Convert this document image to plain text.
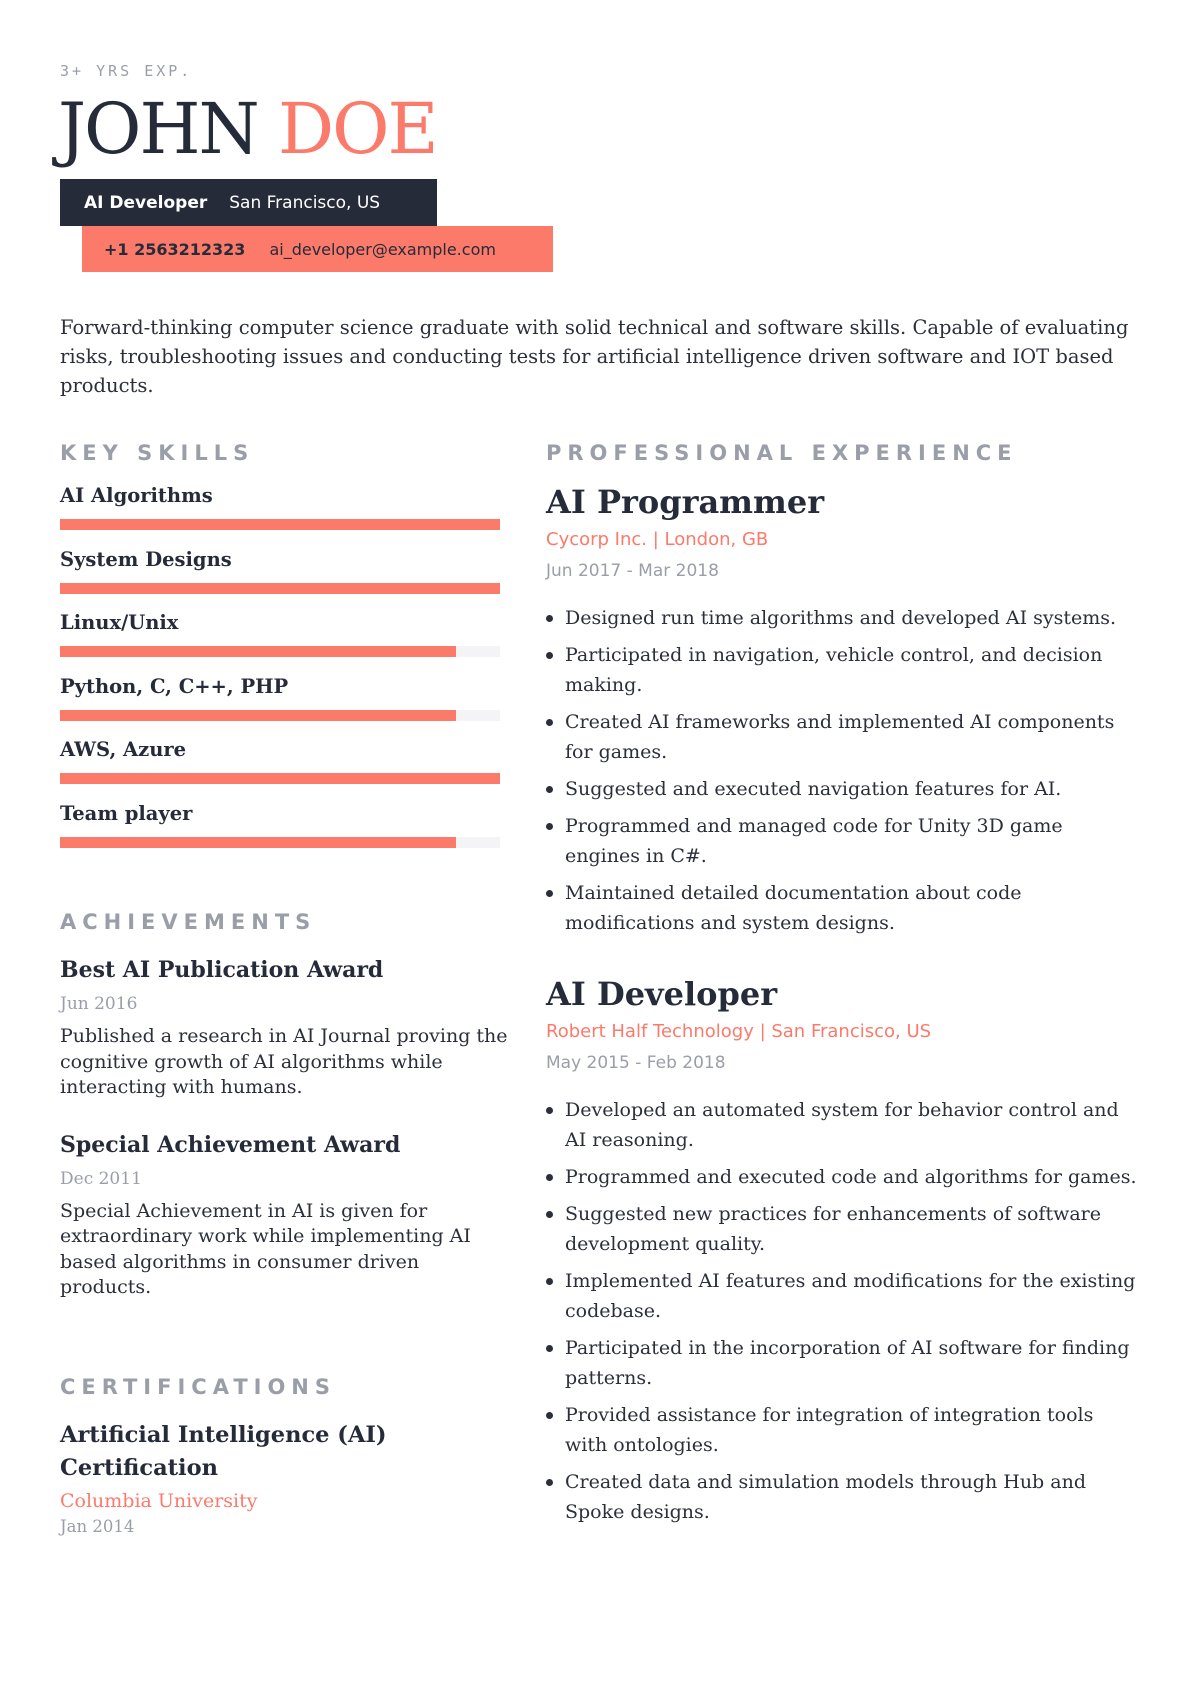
3+ YRS EXP.
JOHN DOE
AI Developer San Francisco, US
+1 2563212323 ai_developer@example.com

Forward-thinking computer science graduate with solid technical and software skills. Capable of evaluating risks, troubleshooting issues and conducting tests for artificial intelligence driven software and IOT based products.

KEY SKILLS
AI Algorithms
System Designs
Linux/Unix
Python, C, C++, PHP
AWS, Azure
Team player
ACHIEVEMENTS
Best AI Publication Award
Jun 2016
Published a research in AI Journal proving the cognitive growth of AI algorithms while interacting with humans.
Special Achievement Award
Dec 2011
Special Achievement in AI is given for extraordinary work while implementing AI based algorithms in consumer driven products.
CERTIFICATIONS
Artificial Intelligence (AI) Certification
Columbia University
Jan 2014
PROFESSIONAL EXPERIENCE
AI Programmer
Cycorp Inc. | London, GB
Jun 2017 - Mar 2018
Designed run time algorithms and developed AI systems.
Participated in navigation, vehicle control, and decision making.
Created AI frameworks and implemented AI components for games.
Suggested and executed navigation features for AI.
Programmed and managed code for Unity 3D game engines in C#.
Maintained detailed documentation about code modifications and system designs.
AI Developer
Robert Half Technology | San Francisco, US
May 2015 - Feb 2018
Developed an automated system for behavior control and AI reasoning.
Programmed and executed code and algorithms for games.
Suggested new practices for enhancements of software development quality.
Implemented AI features and modifications for the existing codebase.
Participated in the incorporation of AI software for finding patterns.
Provided assistance for integration of integration tools with ontologies.
Created data and simulation models through Hub and Spoke designs.
